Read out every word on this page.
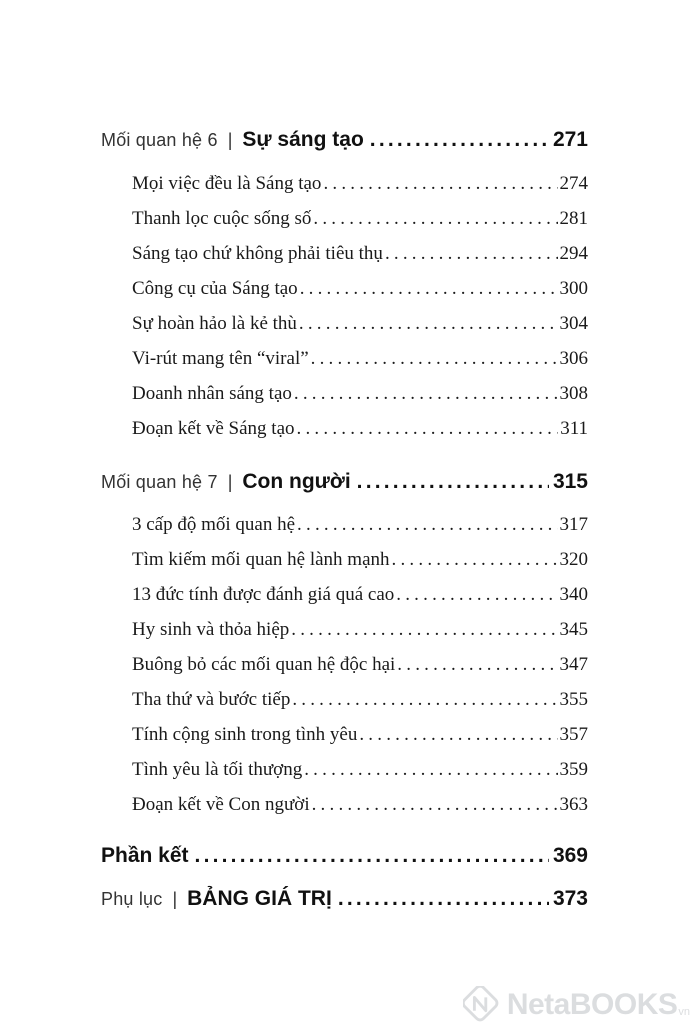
Mối quan hệ 6 | Sự sáng tạo .....	271
Mọi việc đều là Sáng tạo .....	274
Thanh lọc cuộc sống số .....	281
Sáng tạo chứ không phải tiêu thụ .....	294
Công cụ của Sáng tạo .....	300
Sự hoàn hảo là kẻ thù .....	304
Vi-rút mang tên “viral” .....	306
Doanh nhân sáng tạo .....	308
Đoạn kết về Sáng tạo .....	311
Mối quan hệ 7 | Con người .....	315
3 cấp độ mối quan hệ .....	317
Tìm kiếm mối quan hệ lành mạnh .....	320
13 đức tính được đánh giá quá cao .....	340
Hy sinh và thỏa hiệp .....	345
Buông bỏ các mối quan hệ độc hại .....	347
Tha thứ và bước tiếp .....	355
Tính cộng sinh trong tình yêu .....	357
Tình yêu là tối thượng .....	359
Đoạn kết về Con người .....	363
Phần kết .....	369
Phụ lục | BẢNG GIÁ TRỊ .....	373
NetaBOOKS vn
